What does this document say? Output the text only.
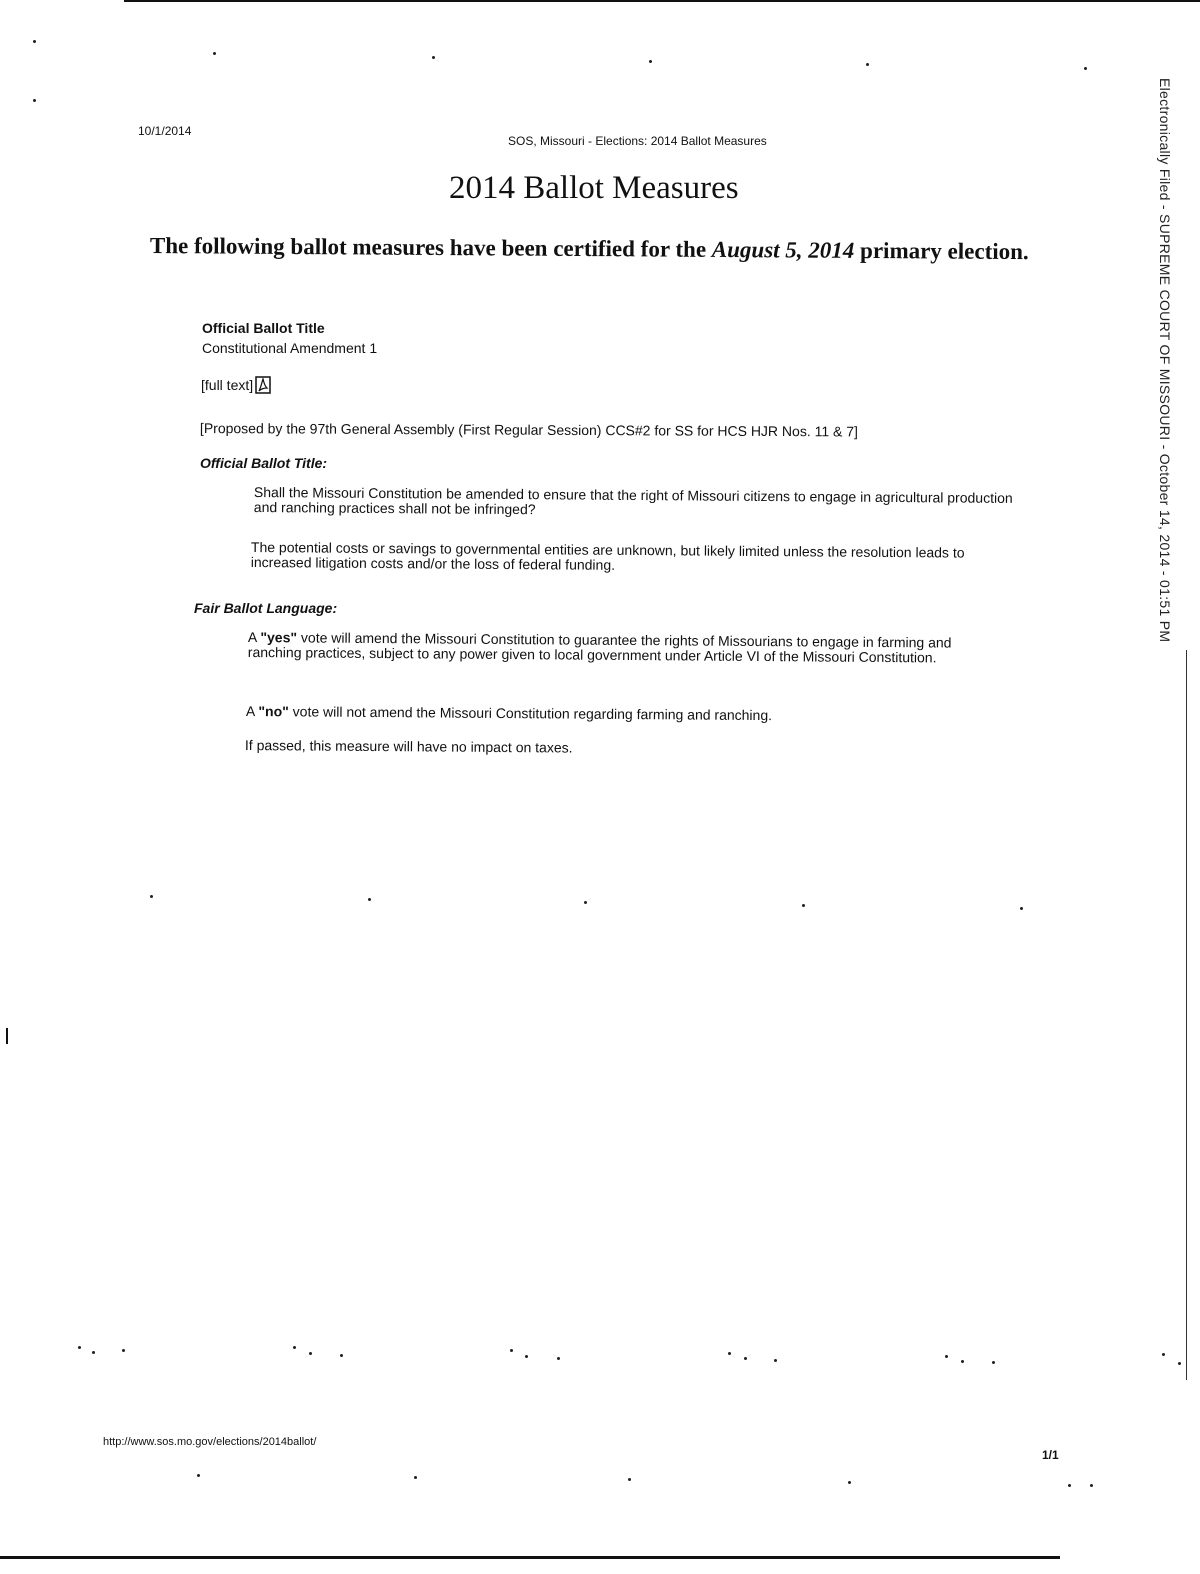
10/1/2014
SOS, Missouri - Elections: 2014 Ballot Measures
2014 Ballot Measures
The following ballot measures have been certified for the August 5, 2014 primary election.
Official Ballot Title
Constitutional Amendment 1
[full text]
[Proposed by the 97th General Assembly (First Regular Session) CCS#2 for SS for HCS HJR Nos. 11 & 7]
Official Ballot Title:
Shall the Missouri Constitution be amended to ensure that the right of Missouri citizens to engage in agricultural production and ranching practices shall not be infringed?
The potential costs or savings to governmental entities are unknown, but likely limited unless the resolution leads to increased litigation costs and/or the loss of federal funding.
Fair Ballot Language:
A "yes" vote will amend the Missouri Constitution to guarantee the rights of Missourians to engage in farming and ranching practices, subject to any power given to local government under Article VI of the Missouri Constitution.
A "no" vote will not amend the Missouri Constitution regarding farming and ranching.
If passed, this measure will have no impact on taxes.
http://www.sos.mo.gov/elections/2014ballot/
1/1
Electronically Filed - SUPREME COURT OF MISSOURI - October 14, 2014 - 01:51 PM
